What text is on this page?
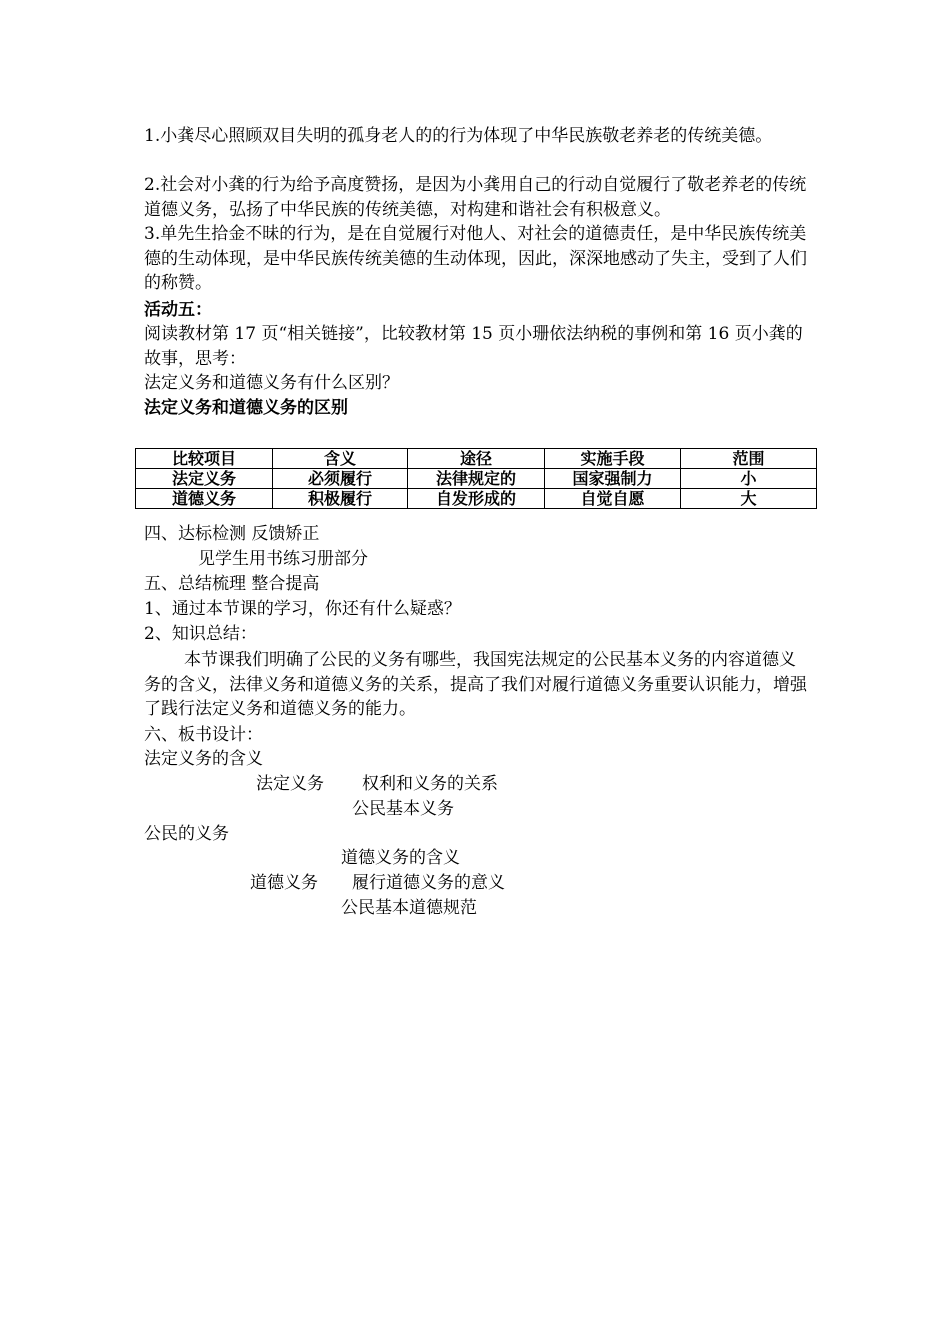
1.小龚尽心照顾双目失明的孤身老人的的行为体现了中华民族敬老养老的传统美德。

2.社会对小龚的行为给予高度赞扬，是因为小龚用自己的行动自觉履行了敬老养老的传统道德义务，弘扬了中华民族的传统美德，对构建和谐社会有积极意义。

3.单先生拾金不昧的行为，是在自觉履行对他人、对社会的道德责任，是中华民族传统美德的生动体现，是中华民族传统美德的生动体现，因此，深深地感动了失主，受到了人们的称赞。

活动五：

阅读教材第 17 页“相关链接”，比较教材第 15 页小珊依法纳税的事例和第 16 页小龚的故事，思考：

法定义务和道德义务有什么区别？
法定义务和道德义务的区别
比较项目	含义	途径	实施手段	范围
法定义务	必须履行	法律规定的	国家强制力	小
道德义务	积极履行	自发形成的	自觉自愿	大
四、达标检测 反馈矫正
见学生用书练习册部分
五、总结梳理 整合提高
1、通过本节课的学习，你还有什么疑惑？
2、知识总结：

本节课我们明确了公民的义务有哪些，我国宪法规定的公民基本义务的内容道德义务的含义，法律义务和道德义务的关系，提高了我们对履行道德义务重要认识能力，增强了践行法定义务和道德义务的能力。

六、板书设计：
法定义务的含义
法定义务 权利和义务的关系
公民基本义务
公民的义务
道德义务的含义
道德义务 履行道德义务的意义
公民基本道德规范
